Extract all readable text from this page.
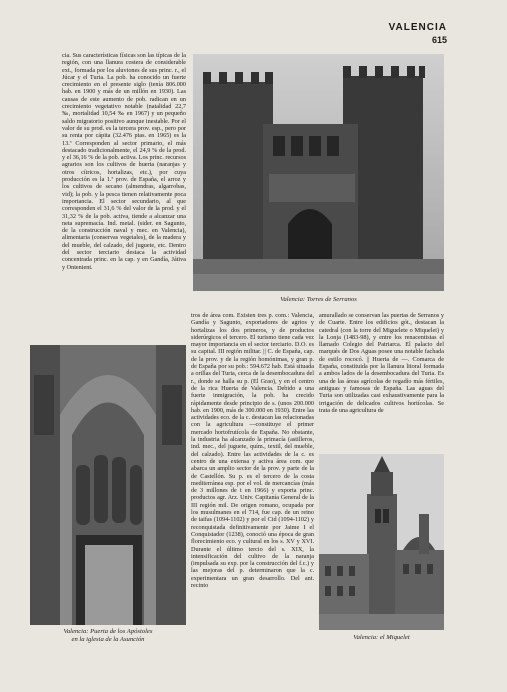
VALENCIA
615
Valencia: Torres de Serranos

cia. Sus características físicas son las típicas de la región, con una llanura costera de considerable ext., formada por los aluviones de sus princ. r., el Júcar y el Turia. La pob. ha conocido un fuerte crecimiento en el presente siglo (tenía 806.000 hab. en 1900 y más de un millón en 1930). Las causas de este aumento de pob. radican en un crecimiento vegetativo notable (natalidad 22,7 ‰, mortalidad 10,54 ‰ en 1967) y un pequeño saldo migratorio positivo aunque inestable. Por el valor de su prod. es la tercera prov. esp., pero por su renta por cápita (32.476 ptas. en 1965) es la 13.ª Corresponden al sector primario, el más destacado tradicionalmente, el 24,9 % de la prod. y el 36,16 % de la pob. activa. Los princ. recursos agrarios son los cultivos de huerta (naranjas y otros cítricos, hortalizas, etc.), por cuya producción es la 1.ª prov. de España, el arroz y los cultivos de secano (almendras, algarrobas, vid); la pob. y la pesca tienen relativamente poca importancia. El sector secundario, al que corresponden el 31,6 % del valor de la prod. y el 31,32 % de la pob. activa, tiende a alcanzar una neta supremacía. Ind. metal. (sider. en Sagunto, de la construcción naval y mec. en Valencia), alimentaria (conservas vegetales), de la madera y del mueble, del calzado, del juguete, etc. Dentro del sector terciario destaca la actividad concentrada princ. en la cap. y en Gandía, Játiva y Ontenient.

Valencia: Puerta de los Apóstoles
en la iglesia de la Asunción

tros de área com. Existen tres p. com.: Valencia, Gandía y Sagunto, exportadores de agrios y hortalizas los dos primeros, y de productos siderúrgicos el tercero. El turismo tiene cada vez mayor importancia en el sector terciario. D.O. es su capital. III región militar. || C. de España, cap. de la prov. y de la región homónimas, y gran p. de España por su pob.: 594.672 hab. Está situada a orillas del Turia, cerca de la desembocadura del r., donde se halla su p. (El Grao), y en el centro de la rica Huerta de Valencia. Debido a una fuerte inmigración, la pob. ha crecido rápidamente desde principio de s. (unos 200.000 hab. en 1900, más de 300.000 en 1930). Entre las actividades eco. de la c. destacan las relacionadas con la agricultura —constituye el primer mercado hortofrutícola de España. No obstante, la industria ha alcanzado la primacía (astilleros, ind. mec., del juguete, quím., textil, del mueble, del calzado). Entre las actividades de la c. es centro de una extensa y activa área com. que abarca un amplio sector de la prov. y parte de la de Castellón. Su p. es el tercero de la costa mediterránea esp. por el vol. de mercancías (más de 3 millones de t en 1966) y exporta princ. productos agr. Arz. Univ. Capitanía General de la III región mil. De origen romano, ocupada por los musulmanes en el 714, fue cap. de un reino de taifas (1094-1102) y por el Cid (1094-1102) y reconquistada definitivamente por Jaime I el Conquistador (1238), conoció una época de gran florecimiento eco. y cultural en los s. XV y XVI. Durante el último tercio del s. XIX, la intensificación del cultivo de la naranja (impulsada su exp. por la construcción del f.c.) y las mejoras del p. determinaron que la c. experimentara un gran desarrollo. Del ant. recinto

amurallado se conservan las puertas de Serranos y de Cuarte. Entre los edificios gót., destacan la catedral (con la torre del Miguelete o Miquelet) y la Lonja (1483-98), y entre los renacentistas el llamado Colegio del Patriarca. El palacio del marqués de Dos Aguas posee una notable fachada de estilo rococó. || Huerta de —. Comarca de España, constituida por la llanura litoral formada a ambos lados de la desembocadura del Turia. Es una de las áreas agrícolas de regadío más fértiles, antiguas y famosas de España. Las aguas del Turia son utilizadas casi exhaustivamente para la irrigación de delicados cultivos hortícolas. Se trata de una agricultura de

Valencia: el Miquelet
